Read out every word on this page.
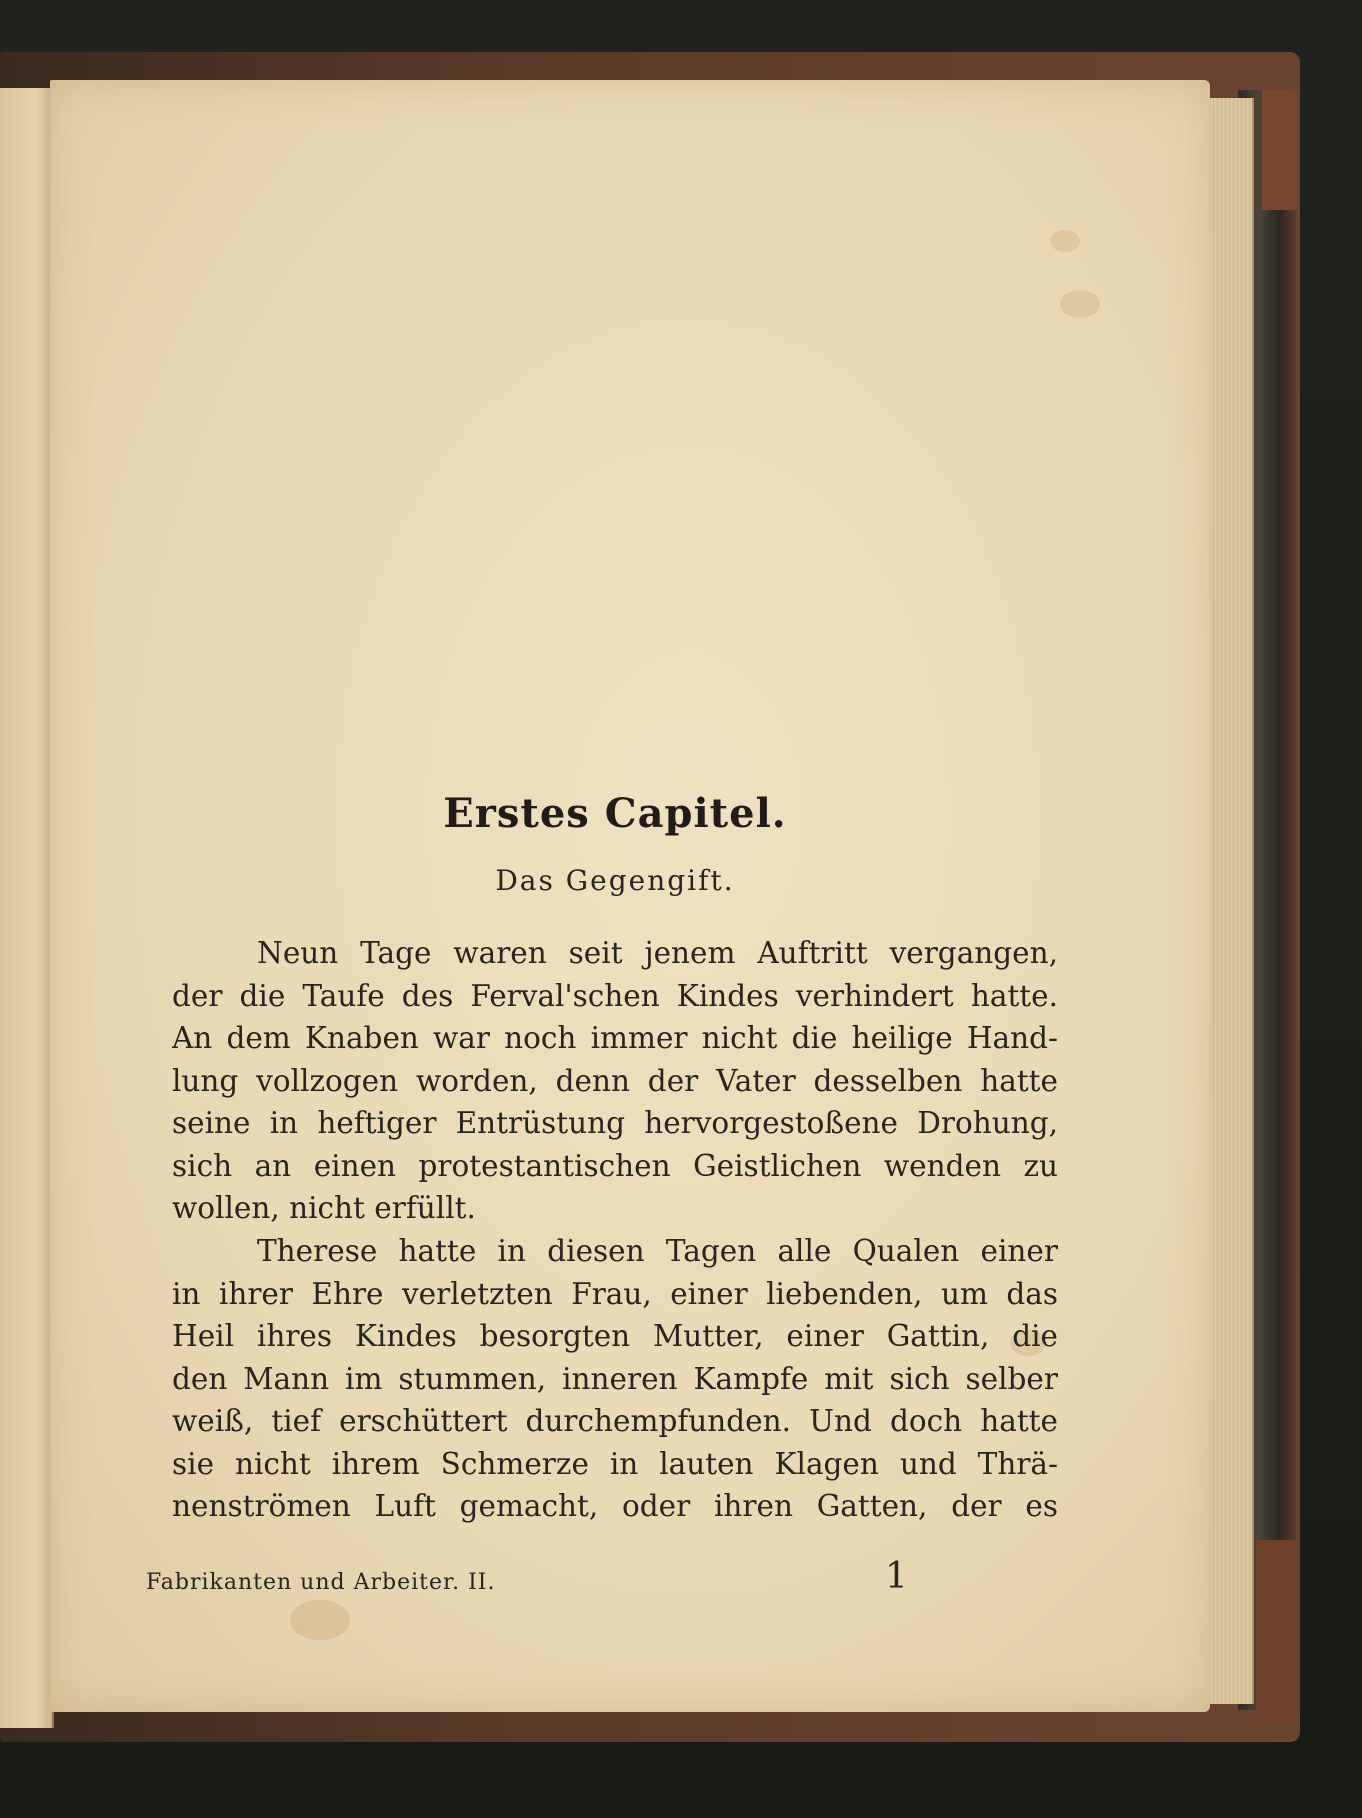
Erstes Capitel.
Das Gegengift.
Neun Tage waren seit jenem Auftritt vergangen,
der die Taufe des Ferval'schen Kindes verhindert hatte.
An dem Knaben war noch immer nicht die heilige Hand-
lung vollzogen worden, denn der Vater desselben hatte
seine in heftiger Entrüstung hervorgestoßene Drohung,
sich an einen protestantischen Geistlichen wenden zu
wollen, nicht erfüllt.
Therese hatte in diesen Tagen alle Qualen einer
in ihrer Ehre verletzten Frau, einer liebenden, um das
Heil ihres Kindes besorgten Mutter, einer Gattin, die
den Mann im stummen, inneren Kampfe mit sich selber
weiß, tief erschüttert durchempfunden. Und doch hatte
sie nicht ihrem Schmerze in lauten Klagen und Thrä-
nenströmen Luft gemacht, oder ihren Gatten, der es
Fabrikanten und Arbeiter. II.	1
